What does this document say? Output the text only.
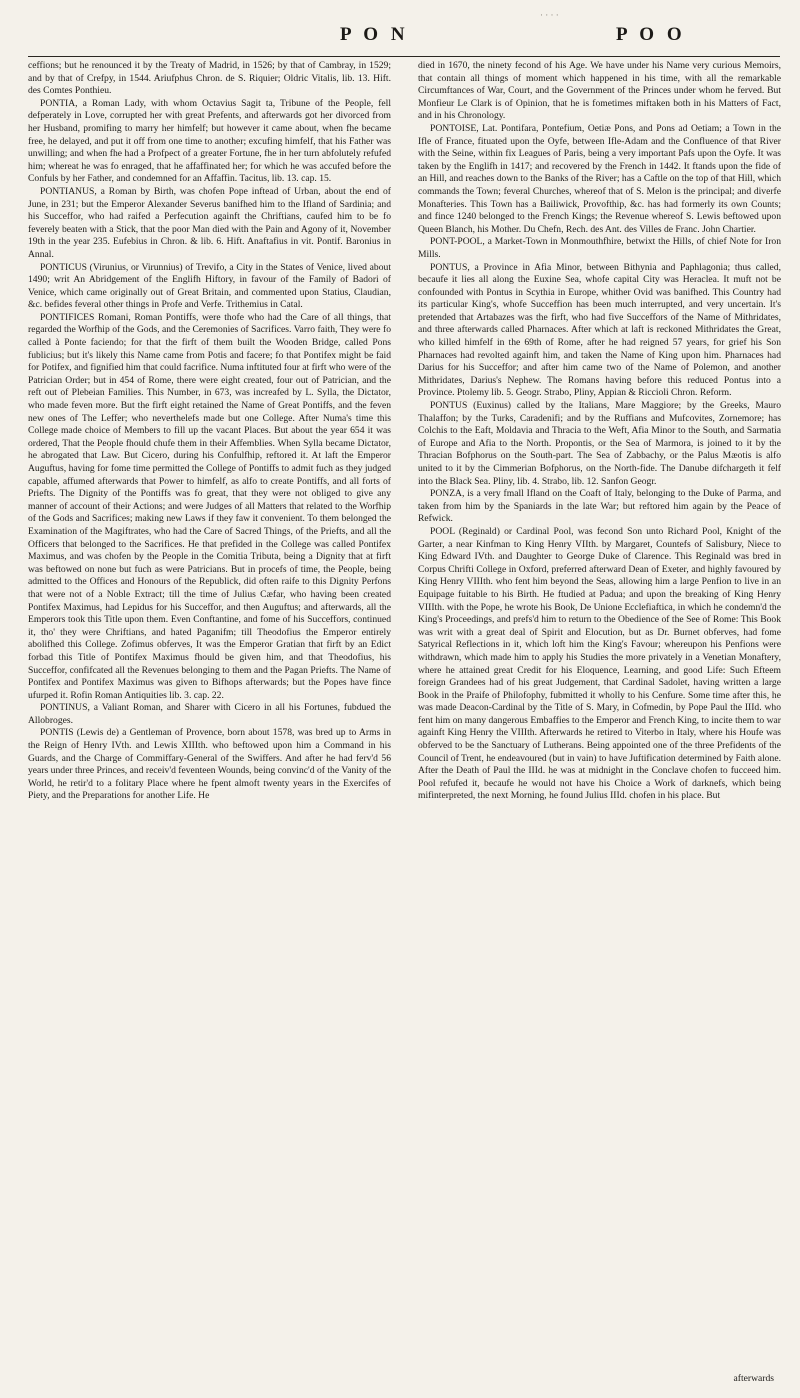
· · · ·
P O N	P O O

ceffions; but he renounced it by the Treaty of Madrid, in 1526; by that of Cambray, in 1529; and by that of Crefpy, in 1544. Ariufphus Chron. de S. Riquier; Oldric Vitalis, lib. 13. Hift. des Comtes Ponthieu.

PONTIA, a Roman Lady, with whom Octavius Sagit ta, Tribune of the People, fell defperately in Love, corrupted her with great Prefents, and afterwards got her divorced from her Husband, promifing to marry her himfelf; but however it came about, when fhe became free, he delayed, and put it off from one time to another; excufing himfelf, that his Father was unwilling; and when fhe had a Profpect of a greater Fortune, fhe in her turn abfolutely refufed him; whereat he was fo enraged, that he affaffinated her; for which he was accufed before the Confuls by her Father, and condemned for an Affaffin. Tacitus, lib. 13. cap. 15.

PONTIANUS, a Roman by Birth, was chofen Pope inftead of Urban, about the end of June, in 231; but the Emperor Alexander Severus banifhed him to the Ifland of Sardinia; and his Succeffor, who had raifed a Perfecution againft the Chriftians, caufed him to be fo feverely beaten with a Stick, that the poor Man died with the Pain and Agony of it, November 19th in the year 235. Eufebius in Chron. & lib. 6. Hift. Anaftafius in vit. Pontif. Baronius in Annal.

PONTICUS (Virunius, or Virunnius) of Trevifo, a City in the States of Venice, lived about 1490; writ An Abridgement of the Englifh Hiftory, in favour of the Family of Badori of Venice, which came originally out of Great Britain, and commented upon Statius, Claudian, &c. befides feveral other things in Profe and Verfe. Trithemius in Catal.

PONTIFICES Romani, Roman Pontiffs, were thofe who had the Care of all things, that regarded the Worfhip of the Gods, and the Ceremonies of Sacrifices. Varro faith, They were fo called à Ponte faciendo; for that the firft of them built the Wooden Bridge, called Pons fublicius; but it's likely this Name came from Potis and facere; fo that Pontifex might be faid for Potifex, and fignified him that could facrifice. Numa inftituted four at firft who were of the Patrician Order; but in 454 of Rome, there were eight created, four out of Patrician, and the reft out of Plebeian Families. This Number, in 673, was increafed by L. Sylla, the Dictator, who made feven more. But the firft eight retained the Name of Great Pontiffs, and the feven new ones of The Leffer; who neverthelefs made but one College. After Numa's time this College made choice of Members to fill up the vacant Places. But about the year 654 it was ordered, That the People fhould chufe them in their Affemblies. When Sylla became Dictator, he abrogated that Law. But Cicero, during his Confulfhip, reftored it. At laft the Emperor Auguftus, having for fome time permitted the College of Pontiffs to admit fuch as they judged capable, affumed afterwards that Power to himfelf, as alfo to create Pontiffs, and all forts of Priefts. The Dignity of the Pontiffs was fo great, that they were not obliged to give any manner of account of their Actions; and were Judges of all Matters that related to the Worfhip of the Gods and Sacrifices; making new Laws if they faw it convenient. To them belonged the Examination of the Magiftrates, who had the Care of Sacred Things, of the Priefts, and all the Officers that belonged to the Sacrifices. He that prefided in the College was called Pontifex Maximus, and was chofen by the People in the Comitia Tributa, being a Dignity that at firft was beftowed on none but fuch as were Patricians. But in procefs of time, the People, being admitted to the Offices and Honours of the Republick, did often raife to this Dignity Perfons that were not of a Noble Extract; till the time of Julius Cæfar, who having been created Pontifex Maximus, had Lepidus for his Succeffor, and then Auguftus; and afterwards, all the Emperors took this Title upon them. Even Conftantine, and fome of his Succeffors, continued it, tho' they were Chriftians, and hated Paganifm; till Theodofius the Emperor entirely abolifhed this College. Zofimus obferves, It was the Emperor Gratian that firft by an Edict forbad this Title of Pontifex Maximus fhould be given him, and that Theodofius, his Succeffor, confifcated all the Revenues belonging to them and the Pagan Priefts. The Name of Pontifex and Pontifex Maximus was given to Bifhops afterwards; but the Popes have fince ufurped it. Rofin Roman Antiquities lib. 3. cap. 22.

PONTINUS, a Valiant Roman, and Sharer with Cicero in all his Fortunes, fubdued the Allobroges.

PONTIS (Lewis de) a Gentleman of Provence, born about 1578, was bred up to Arms in the Reign of Henry IVth. and Lewis XIIIth. who beftowed upon him a Command in his Guards, and the Charge of Commiffary-General of the Swiffers. And after he had ferv'd 56 years under three Princes, and receiv'd feventeen Wounds, being convinc'd of the Vanity of the World, he retir'd to a folitary Place where he fpent almoft twenty years in the Exercifes of Piety, and the Preparations for another Life. He

died in 1670, the ninety fecond of his Age. We have under his Name very curious Memoirs, that contain all things of moment which happened in his time, with all the remarkable Circumftances of War, Court, and the Government of the Princes under whom he ferved. But Monfieur Le Clark is of Opinion, that he is fometimes miftaken both in his Matters of Fact, and in his Chronology.

PONTOISE, Lat. Pontifara, Pontefium, Oetiæ Pons, and Pons ad Oetiam; a Town in the Ifle of France, fituated upon the Oyfe, between Ifle-Adam and the Confluence of that River with the Seine, within fix Leagues of Paris, being a very important Pafs upon the Oyfe. It was taken by the Englifh in 1417; and recovered by the French in 1442. It ftands upon the fide of an Hill, and reaches down to the Banks of the River; has a Caftle on the top of that Hill, which commands the Town; feveral Churches, whereof that of S. Melon is the principal; and diverfe Monafteries. This Town has a Bailiwick, Provofthip, &c. has had formerly its own Counts; and fince 1240 belonged to the French Kings; the Revenue whereof S. Lewis beftowed upon Queen Blanch, his Mother. Du Chefn, Rech. des Ant. des Villes de Franc. John Chartier.

PONT-POOL, a Market-Town in Monmouthfhire, betwixt the Hills, of chief Note for Iron Mills.

PONTUS, a Province in Afia Minor, between Bithynia and Paphlagonia; thus called, becaufe it lies all along the Euxine Sea, whofe capital City was Heraclea. It muft not be confounded with Pontus in Scythia in Europe, whither Ovid was banifhed. This Country had its particular King's, whofe Succeffion has been much interrupted, and very uncertain. It's pretended that Artabazes was the firft, who had five Succeffors of the Name of Mithridates, and three afterwards called Pharnaces. After which at laft is reckoned Mithridates the Great, who killed himfelf in the 69th of Rome, after he had reigned 57 years, for grief his Son Pharnaces had revolted againft him, and taken the Name of King upon him. Pharnaces had Darius for his Succeffor; and after him came two of the Name of Polemon, and another Mithridates, Darius's Nephew. The Romans having before this reduced Pontus into a Province. Ptolemy lib. 5. Geogr. Strabo, Pliny, Appian & Riccioli Chron. Reform.

PONTUS (Euxinus) called by the Italians, Mare Maggiore; by the Greeks, Mauro Thalaffon; by the Turks, Caradenifi; and by the Ruffians and Mufcovites, Zornemore; has Colchis to the Eaft, Moldavia and Thracia to the Weft, Afia Minor to the South, and Sarmatia of Europe and Afia to the North. Propontis, or the Sea of Marmora, is joined to it by the Thracian Bofphorus on the South-part. The Sea of Zabbachy, or the Palus Mæotis is alfo united to it by the Cimmerian Bofphorus, on the North-fide. The Danube difchargeth it felf into the Black Sea. Pliny, lib. 4. Strabo, lib. 12. Sanfon Geogr.

PONZA, is a very fmall Ifland on the Coaft of Italy, belonging to the Duke of Parma, and taken from him by the Spaniards in the late War; but reftored him again by the Peace of Refwick.

POOL (Reginald) or Cardinal Pool, was fecond Son unto Richard Pool, Knight of the Garter, a near Kinfman to King Henry VIIth. by Margaret, Countefs of Salisbury, Niece to King Edward IVth. and Daughter to George Duke of Clarence. This Reginald was bred in Corpus Chrifti College in Oxford, preferred afterward Dean of Exeter, and highly favoured by King Henry VIIIth. who fent him beyond the Seas, allowing him a large Penfion to live in an Equipage fuitable to his Birth. He ftudied at Padua; and upon the breaking of King Henry VIIIth. with the Pope, he wrote his Book, De Unione Ecclefiaftica, in which he condemn'd the King's Proceedings, and prefs'd him to return to the Obedience of the See of Rome: This Book was writ with a great deal of Spirit and Elocution, but as Dr. Burnet obferves, had fome Satyrical Reflections in it, which loft him the King's Favour; whereupon his Penfions were withdrawn, which made him to apply his Studies the more privately in a Venetian Monaftery, where he attained great Credit for his Eloquence, Learning, and good Life: Such Efteem foreign Grandees had of his great Judgement, that Cardinal Sadolet, having written a large Book in the Praife of Philofophy, fubmitted it wholly to his Cenfure. Some time after this, he was made Deacon-Cardinal by the Title of S. Mary, in Cofmedin, by Pope Paul the IIId. who fent him on many dangerous Embaffies to the Emperor and French King, to incite them to war againft King Henry the VIIIth. Afterwards he retired to Viterbo in Italy, where his Houfe was obferved to be the Sanctuary of Lutherans. Being appointed one of the three Prefidents of the Council of Trent, he endeavoured (but in vain) to have Juftification determined by Faith alone. After the Death of Paul the IIId. he was at midnight in the Conclave chofen to fucceed him. Pool refufed it, becaufe he would not have his Choice a Work of darknefs, which being mifinterpreted, the next Morning, he found Julius IIId. chofen in his place. But

afterwards
